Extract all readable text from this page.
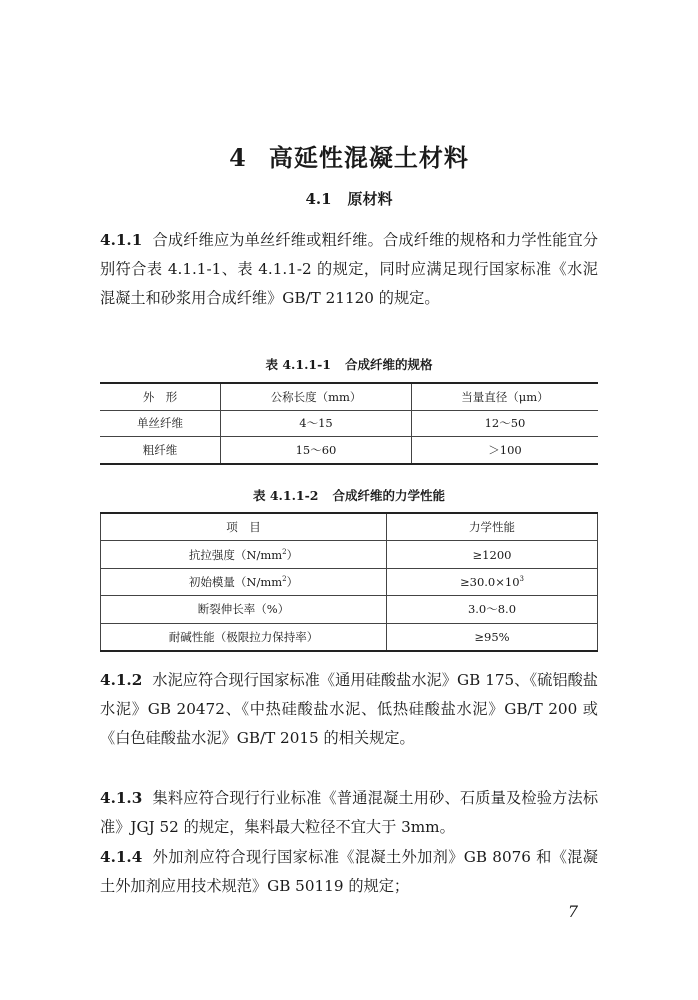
4 高延性混凝土材料
4.1 原材料
4.1.1 合成纤维应为单丝纤维或粗纤维。合成纤维的规格和力学性能宜分别符合表 4.1.1-1、表 4.1.1-2 的规定，同时应满足现行国家标准《水泥混凝土和砂浆用合成纤维》GB/T 21120 的规定。
表 4.1.1-1 合成纤维的规格
外　形	公称长度（mm）	当量直径（μm）
单丝纤维	4～15	12～50
粗纤维	15～60	＞100
表 4.1.1-2 合成纤维的力学性能
项　目	力学性能
抗拉强度$(N/mm^2)$	≥1200
初始模量$(N/mm^2)$	$\ge 30.0\times 10^3$
断裂伸长率（%）	3.0～8.0
耐碱性能（极限拉力保持率）	≥95%
4.1.2 水泥应符合现行国家标准《通用硅酸盐水泥》GB 175、《硫铝酸盐水泥》GB 20472、《中热硅酸盐水泥、低热硅酸盐水泥》GB/T 200 或《白色硅酸盐水泥》GB/T 2015 的相关规定。
4.1.3 集料应符合现行行业标准《普通混凝土用砂、石质量及检验方法标准》JGJ 52 的规定，集料最大粒径不宜大于 3mm。
4.1.4 外加剂应符合现行国家标准《混凝土外加剂》GB 8076 和《混凝土外加剂应用技术规范》GB 50119 的规定；
7
